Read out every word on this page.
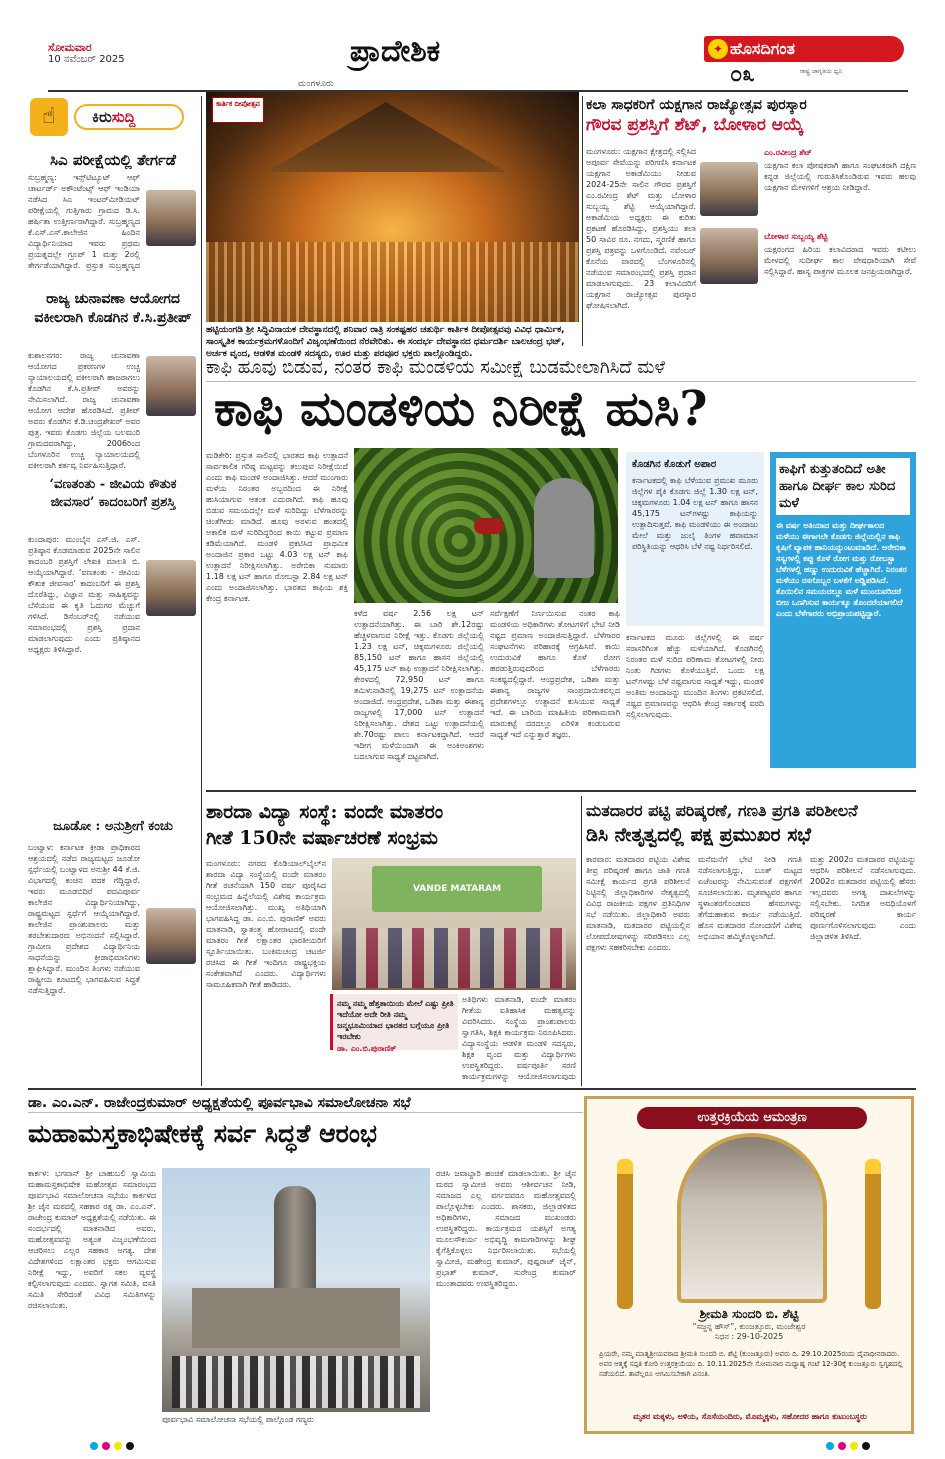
ಸೋಮವಾರ
10 ನವೆಂಬರ್ 2025	ಪ್ರಾದೇಶಿಕ
ಮಂಗಳೂರು
✦ ಹೊಸದಿಗಂತ
೦೩	ರಾಷ್ಟ್ರ ಜಾಗೃತಿಯ ಧ್ವನಿ
☝	ಕಿರುಸುದ್ದಿ
ಸಿಎ ಪರೀಕ್ಷೆಯಲ್ಲಿ ತೇರ್ಗಡೆ
ಸುಬ್ರಹ್ಮಣ್ಯ: ಇನ್ಸ್‌ಟಿಟ್ಯೂಟ್ ಆಫ್ ಚಾರ್ಟರ್ಡ್ ಅಕೌಂಟೆಂಟ್ಸ್ ಆಫ್ ಇಂಡಿಯಾ ನಡೆಸಿದ ಸಿಎ ಇಂಟರ್‌ಮೀಡಿಯಟ್ ಪರೀಕ್ಷೆಯಲ್ಲಿ ಗುತ್ತಿಗಾರು ಗ್ರಾಮದ ಡಿ.ಸಿ. ಹರ್ಷಿತಾ ಉತ್ತೀರ್ಣರಾಗಿದ್ದಾರೆ. ಸುಬ್ರಹ್ಮಣ್ಯದ ಕೆ.ಎಸ್.ಎಸ್.ಕಾಲೇಜಿನ ಹಿಂದಿನ ವಿದ್ಯಾರ್ಥಿನಿಯಾದ ಇವರು ಪ್ರಥಮ ಪ್ರಯತ್ನದಲ್ಲೇ ಗ್ರೂಪ್ 1 ಮತ್ತು 2ರಲ್ಲಿ ತೇರ್ಗಡೆಯಾಗಿದ್ದಾರೆ. ಪ್ರಸ್ತುತ ಸುಬ್ರಹ್ಮಣ್ಯದ
ರಾಜ್ಯ ಚುನಾವಣಾ ಆಯೋಗದ ವಕೀಲರಾಗಿ ಕೊಡಗಿನ ಕೆ.ಸಿ.ಪ್ರತೀಪ್
ಕುಶಾಲನಗರ: ರಾಜ್ಯ ಚುನಾವಣಾ ಆಯೋಗದ ಪ್ರಕರಣಗಳ ಉಚ್ಚ ನ್ಯಾಯಾಲಯದಲ್ಲಿ ವಕೀಲರಾಗಿ ಹಾಜರಾಗಲು ಕೊಡಗಿನ ಕೆ.ಸಿ.ಪ್ರತೀಪ್ ಅವರನ್ನು ನೇಮಿಸಲಾಗಿದೆ. ರಾಜ್ಯ ಚುನಾವಣಾ ಆಯೋಗ ಆದೇಶ ಹೊರಡಿಸಿದೆ. ಪ್ರತೀಪ್ ಅವರು ಕೊಡಗಿನ ಕೆ.ಡಿ.ಚಂದ್ರಶೇಖರ್ ಅವರ ಪುತ್ರ. ಇವರು ಕೊಡಗು ಜಿಲ್ಲೆಯ ಬಲಮುರಿ ಗ್ರಾಮದವರಾಗಿದ್ದು, 2006ರಿಂದ ಬೆಂಗಳೂರಿನ ಉಚ್ಚ ನ್ಯಾಯಾಲಯದಲ್ಲಿ ವಕೀಲರಾಗಿ ಕರ್ತವ್ಯ ನಿರ್ವಹಿಸುತ್ತಿದ್ದಾರೆ.
‘ವಣತಂತು - ಜೀವಿಯ ಕೌತುಕ ಜೀವಸಾರ’ ಕಾದಂಬರಿಗೆ ಪ್ರಶಸ್ತಿ
ಕುಂದಾಪುರ: ಮುಂಬೈನ ಎಸ್.ಜಿ. ಎಸ್. ಪ್ರತಿಷ್ಠಾನ ಕೊಡಮಾಡುವ 2025ನೇ ಸಾಲಿನ ಕಾದಂಬರಿ ಪ್ರಶಸ್ತಿಗೆ ಲೇಖಕಿ ಮಾಲತಿ ಬಿ. ಆಯ್ಕೆಯಾಗಿದ್ದಾರೆ. ‘ವಣತಂತು - ಜೀವಿಯ ಕೌತುಕ ಜೀವಸಾರ’ ಕಾದಂಬರಿಗೆ ಈ ಪ್ರಶಸ್ತಿ ದೊರೆತಿದ್ದು, ವಿಜ್ಞಾನ ಮತ್ತು ಸಾಹಿತ್ಯವನ್ನು ಬೆಸೆಯುವ ಈ ಕೃತಿ ಓದುಗರ ಮೆಚ್ಚುಗೆ ಗಳಿಸಿದೆ. ಡಿಸೆಂಬರ್‌ನಲ್ಲಿ ನಡೆಯುವ ಸಮಾರಂಭದಲ್ಲಿ ಪ್ರಶಸ್ತಿ ಪ್ರದಾನ ಮಾಡಲಾಗುವುದು ಎಂದು ಪ್ರತಿಷ್ಠಾನದ ಅಧ್ಯಕ್ಷರು ತಿಳಿಸಿದ್ದಾರೆ.
ಜೂಡೋ : ಅನುಶ್ರೀಗೆ ಕಂಚು
ಬಂಟ್ವಾಳ: ಕರ್ನಾಟಕ ಕ್ರೀಡಾ ಪ್ರಾಧಿಕಾರದ ಆಶ್ರಯದಲ್ಲಿ ನಡೆದ ರಾಜ್ಯಮಟ್ಟದ ಜೂಡೋ ಸ್ಪರ್ಧೆಯಲ್ಲಿ ಬಂಟ್ವಾಳದ ಅನುಶ್ರೀ 44 ಕೆ.ಜಿ. ವಿಭಾಗದಲ್ಲಿ ಕಂಚಿನ ಪದಕ ಗೆದ್ದಿದ್ದಾರೆ. ಇವರು ಮೂಡಬಿದಿರೆ ಪದವಿಪೂರ್ವ ಕಾಲೇಜಿನ ವಿದ್ಯಾರ್ಥಿನಿಯಾಗಿದ್ದು, ರಾಷ್ಟ್ರಮಟ್ಟದ ಸ್ಪರ್ಧೆಗೆ ಆಯ್ಕೆಯಾಗಿದ್ದಾರೆ. ಕಾಲೇಜಿನ ಪ್ರಾಂಶುಪಾಲರು ಮತ್ತು ತರಬೇತುದಾರರು ಅಭಿನಂದನೆ ಸಲ್ಲಿಸಿದ್ದಾರೆ. ಗ್ರಾಮೀಣ ಪ್ರದೇಶದ ವಿದ್ಯಾರ್ಥಿನಿಯ ಸಾಧನೆಯನ್ನು ಕ್ರೀಡಾಭಿಮಾನಿಗಳು ಶ್ಲಾಘಿಸಿದ್ದಾರೆ. ಮುಂದಿನ ತಿಂಗಳು ನಡೆಯುವ ರಾಷ್ಟ್ರೀಯ ಕೂಟದಲ್ಲಿ ಭಾಗವಹಿಸುವ ಸಿದ್ಧತೆ ನಡೆಸುತ್ತಿದ್ದಾರೆ.
ಕಾರ್ತಿಕ ದೀಪೋತ್ಸವ
ಹಟ್ಟಿಯಂಗಡಿ ಶ್ರೀ ಸಿದ್ಧಿವಿನಾಯಕ ದೇವಸ್ಥಾನದಲ್ಲಿ ಶನಿವಾರ ರಾತ್ರಿ ಸಂಕಷ್ಟಹರ ಚತುರ್ಥಿ ಕಾರ್ತಿಕ ದೀಪೋತ್ಸವವು ವಿವಿಧ ಧಾರ್ಮಿಕ, ಸಾಂಸ್ಕೃತಿಕ ಕಾರ್ಯಕ್ರಮಗಳೊಂದಿಗೆ ವಿಜೃಂಭಣೆಯಿಂದ ನೆರವೇರಿತು. ಈ ಸಂದರ್ಭ ದೇವಸ್ಥಾನದ ಧರ್ಮದರ್ಶಿ ಬಾಲಚಂದ್ರ ಭಟ್, ಅರ್ಚಕ ವೃಂದ, ಆಡಳಿತ ಮಂಡಳಿ ಸದಸ್ಯರು, ಊರ ಮತ್ತು ಪರವೂರ ಭಕ್ತರು ಪಾಲ್ಗೊಂಡಿದ್ದರು.
ಕಲಾ ಸಾಧಕರಿಗೆ ಯಕ್ಷಗಾನ ರಾಜ್ಯೋತ್ಸವ ಪುರಸ್ಕಾರ
ಗೌರವ ಪ್ರಶಸ್ತಿಗೆ ಶೆಟ್, ಬೋಳಾರ ಆಯ್ಕೆ
ಮಂಗಳೂರು: ಯಕ್ಷಗಾನ ಕ್ಷೇತ್ರದಲ್ಲಿ ಸಲ್ಲಿಸಿದ ಅಪೂರ್ವ ಸೇವೆಯನ್ನು ಪರಿಗಣಿಸಿ ಕರ್ನಾಟಕ ಯಕ್ಷಗಾನ ಅಕಾಡೆಮಿಯು ನೀಡುವ 2024-25ನೇ ಸಾಲಿನ ಗೌರವ ಪ್ರಶಸ್ತಿಗೆ ಎಂ.ರವೀಂದ್ರ ಶೆಟ್ ಮತ್ತು ಬೋಳಾರ ಸುಬ್ಬಯ್ಯ ಶೆಟ್ಟಿ ಆಯ್ಕೆಯಾಗಿದ್ದಾರೆ. ಅಕಾಡೆಮಿಯ ಅಧ್ಯಕ್ಷರು ಈ ಕುರಿತು ಪ್ರಕಟಣೆ ಹೊರಡಿಸಿದ್ದು, ಪ್ರಶಸ್ತಿಯು ತಲಾ 50 ಸಾವಿರ ರೂ. ನಗದು, ಸ್ಮರಣಿಕೆ ಹಾಗೂ ಪ್ರಶಸ್ತಿ ಪತ್ರವನ್ನು ಒಳಗೊಂಡಿದೆ. ನವೆಂಬರ್ ಕೊನೆಯ ವಾರದಲ್ಲಿ ಬೆಂಗಳೂರಿನಲ್ಲಿ ನಡೆಯುವ ಸಮಾರಂಭದಲ್ಲಿ ಪ್ರಶಸ್ತಿ ಪ್ರದಾನ ಮಾಡಲಾಗುವುದು. 23 ಕಲಾವಿದರಿಗೆ ಯಕ್ಷಗಾನ ರಾಜ್ಯೋತ್ಸವ ಪುರಸ್ಕಾರ ಘೋಷಿಸಲಾಗಿದೆ.
ಎಂ.ರವೀಂದ್ರ ಶೆಟ್
ಯಕ್ಷಗಾನ ಕಲಾ ಪೋಷಕರಾಗಿ ಹಾಗೂ ಸಂಘಟಕರಾಗಿ ದಕ್ಷಿಣ ಕನ್ನಡ ಜಿಲ್ಲೆಯಲ್ಲಿ ಗುರುತಿಸಿಕೊಂಡಿರುವ ಇವರು ಹಲವು ಯಕ್ಷಗಾನ ಮೇಳಗಳಿಗೆ ಆಶ್ರಯ ನೀಡಿದ್ದಾರೆ.
ಬೋಳಾರ ಸುಬ್ಬಯ್ಯ ಶೆಟ್ಟಿ
ಯಕ್ಷರಂಗದ ಹಿರಿಯ ಕಲಾವಿದರಾದ ಇವರು ಕಟೀಲು ಮೇಳದಲ್ಲಿ ಸುದೀರ್ಘ ಕಾಲ ವೇಷಧಾರಿಯಾಗಿ ಸೇವೆ ಸಲ್ಲಿಸಿದ್ದಾರೆ. ಹಾಸ್ಯ ಪಾತ್ರಗಳ ಮೂಲಕ ಜನಪ್ರಿಯರಾಗಿದ್ದಾರೆ.
ಕಾಫಿ ಹೂವು ಬಿಡುವ, ನಂತರ ಕಾಫಿ ಮಂಡಳಿಯ ಸಮೀಕ್ಷೆ ಬುಡಮೇಲಾಗಿಸಿದೆ ಮಳೆ
ಕಾಫಿ ಮಂಡಳಿಯ ನಿರೀಕ್ಷೆ ಹುಸಿ?
ಮಡಿಕೇರಿ: ಪ್ರಸ್ತುತ ಸಾಲಿನಲ್ಲಿ ಭಾರತದ ಕಾಫಿ ಉತ್ಪಾದನೆ ಸಾರ್ವಕಾಲಿಕ ಗರಿಷ್ಠ ಮಟ್ಟವನ್ನು ತಲುಪುವ ನಿರೀಕ್ಷೆಯಿದೆ ಎಂದು ಕಾಫಿ ಮಂಡಳಿ ಅಂದಾಜಿಸಿತ್ತು. ಆದರೆ ಮುಂಗಾರು ಮಳೆಯ ನಿರಂತರ ಅಬ್ಬರದಿಂದ ಈ ನಿರೀಕ್ಷೆ ಹುಸಿಯಾಗುವ ಆತಂಕ ಎದುರಾಗಿದೆ. ಕಾಫಿ ಹೂವು ಬಿಡುವ ಸಮಯದಲ್ಲೇ ಮಳೆ ಸುರಿದಿದ್ದು ಬೆಳೆಗಾರರನ್ನು ಚಿಂತೆಗೀಡು ಮಾಡಿದೆ. ಹೂವು ಅರಳುವ ಹಂತದಲ್ಲಿ ಅಕಾಲಿಕ ಮಳೆ ಸುರಿದಿದ್ದರಿಂದ ಕಾಯಿ ಕಟ್ಟುವ ಪ್ರಮಾಣ ಕಡಿಮೆಯಾಗಿದೆ. ಮಂಡಳಿ ಪ್ರಕಟಿಸಿದ ಪ್ರಾಥಮಿಕ ಅಂದಾಜಿನ ಪ್ರಕಾರ ಒಟ್ಟು 4.03 ಲಕ್ಷ ಟನ್ ಕಾಫಿ ಉತ್ಪಾದನೆ ನಿರೀಕ್ಷಿಸಲಾಗಿತ್ತು. ಅರೇಬಿಕಾ ಸುಮಾರು 1.18 ಲಕ್ಷ ಟನ್ ಹಾಗೂ ರೋಬಸ್ಟಾ 2.84 ಲಕ್ಷ ಟನ್ ಎಂದು ಅಂದಾಜಿಸಲಾಗಿತ್ತು. ಭಾರತದ ಕಾಫಿಯ ಶಕ್ತಿ ಕೇಂದ್ರ ಕರ್ನಾಟಕ.
ಕಳೆದ ವರ್ಷ 2.56 ಲಕ್ಷ ಟನ್ ಉತ್ಪಾದನೆಯಾಗಿತ್ತು. ಈ ಬಾರಿ ಶೇ.12ರಷ್ಟು ಹೆಚ್ಚಳವಾಗುವ ನಿರೀಕ್ಷೆ ಇತ್ತು. ಕೊಡಗು ಜಿಲ್ಲೆಯಲ್ಲಿ 1.23 ಲಕ್ಷ ಟನ್, ಚಿಕ್ಕಮಗಳೂರು ಜಿಲ್ಲೆಯಲ್ಲಿ 85,150 ಟನ್ ಹಾಗೂ ಹಾಸನ ಜಿಲ್ಲೆಯಲ್ಲಿ 45,175 ಟನ್ ಕಾಫಿ ಉತ್ಪಾದನೆ ನಿರೀಕ್ಷಿಸಲಾಗಿತ್ತು. ಕೇರಳದಲ್ಲಿ 72,950 ಟನ್ ಹಾಗೂ ತಮಿಳುನಾಡಿನಲ್ಲಿ 19,275 ಟನ್ ಉತ್ಪಾದನೆಯ ಅಂದಾಜಿದೆ. ಆಂಧ್ರಪ್ರದೇಶ, ಒಡಿಶಾ ಮತ್ತು ಈಶಾನ್ಯ ರಾಜ್ಯಗಳಲ್ಲಿ 17,000 ಟನ್ ಉತ್ಪಾದನೆ ನಿರೀಕ್ಷಿಸಲಾಗಿತ್ತು. ದೇಶದ ಒಟ್ಟು ಉತ್ಪಾದನೆಯಲ್ಲಿ ಶೇ.70ರಷ್ಟು ಪಾಲು ಕರ್ನಾಟಕದ್ದಾಗಿದೆ. ಆದರೆ ಇದೀಗ ಮಳೆಯಿಂದಾಗಿ ಈ ಅಂಕಿಅಂಶಗಳು ಬದಲಾಗುವ ಸಾಧ್ಯತೆ ದಟ್ಟವಾಗಿದೆ.
ಸರ್ವೆಕ್ಷಣೆಗೆ ನಿರ್ಣಯಿಸುವ ನಂತರ ಕಾಫಿ ಮಂಡಳಿಯ ಅಧಿಕಾರಿಗಳು ತೋಟಗಳಿಗೆ ಭೇಟಿ ನೀಡಿ ನಷ್ಟದ ಪ್ರಮಾಣ ಅಂದಾಜಿಸುತ್ತಿದ್ದಾರೆ. ಬೆಳೆಗಾರರ ಸಂಘಟನೆಗಳು ಪರಿಹಾರಕ್ಕೆ ಆಗ್ರಹಿಸಿವೆ. ಕಾಯಿ ಉದುರುವಿಕೆ ಹಾಗೂ ಕೊಳೆ ರೋಗ ಹರಡುತ್ತಿರುವುದರಿಂದ ಬೆಳೆಗಾರರು ಸಂಕಷ್ಟದಲ್ಲಿದ್ದಾರೆ. ಆಂಧ್ರಪ್ರದೇಶ, ಒಡಿಶಾ ಮತ್ತು ಈಶಾನ್ಯ ರಾಜ್ಯಗಳ ಸಾಂಪ್ರದಾಯಿಕವಲ್ಲದ ಪ್ರದೇಶಗಳಲ್ಲೂ ಉತ್ಪಾದನೆ ಕುಸಿಯುವ ಸಾಧ್ಯತೆ ಇದೆ. ಈ ಬಾರಿಯ ಮಾಹಿತಿಯ ಪರಿಣಾಮವಾಗಿ ಮಾರುಕಟ್ಟೆ ದರದಲ್ಲೂ ಏರಿಳಿತ ಕಂಡುಬರುವ ಸಾಧ್ಯತೆ ಇದೆ ಎನ್ನುತ್ತಾರೆ ತಜ್ಞರು.
ಕೊಡಗಿನ ಕೊಡುಗೆ ಅಪಾರ
ಕರ್ನಾಟಕದಲ್ಲಿ ಕಾಫಿ ಬೆಳೆಯುವ ಪ್ರಮುಖ ಮೂರು ಜಿಲ್ಲೆಗಳ ಪೈಕಿ ಕೊಡಗು ಜಿಲ್ಲೆ 1.30 ಲಕ್ಷ ಟನ್, ಚಿಕ್ಕಮಗಳೂರು 1.04 ಲಕ್ಷ ಟನ್ ಹಾಗೂ ಹಾಸನ 45,175 ಟನ್‌ಗಳಷ್ಟು ಕಾಫಿಯನ್ನು ಉತ್ಪಾದಿಸುತ್ತವೆ. ಕಾಫಿ ಮಂಡಳಿಯು ಈ ಅಂದಾಜು ಮೇಲೆ ಮತ್ತು ಜುಲೈ ತಿಂಗಳ ಹವಾಮಾನ ಪರಿಸ್ಥಿತಿಯನ್ನು ಆಧರಿಸಿ ಬೆಳೆ ನಷ್ಟ ನಿರ್ಧರಿಸಲಿದೆ.
ಕರ್ನಾಟಕದ ಮೂರು ಜಿಲ್ಲೆಗಳಲ್ಲಿ ಈ ವರ್ಷ ಸರಾಸರಿಗಿಂತ ಹೆಚ್ಚು ಮಳೆಯಾಗಿದೆ. ಕೊಡಗಿನಲ್ಲಿ ನಿರಂತರ ಮಳೆ ಸುರಿದ ಪರಿಣಾಮ ತೋಟಗಳಲ್ಲಿ ನೀರು ನಿಂತು ಗಿಡಗಳು ಕೊಳೆಯುತ್ತಿವೆ. ಒಂದು ಲಕ್ಷ ಟನ್‌ಗಳಷ್ಟು ಬೆಳೆ ನಷ್ಟವಾಗುವ ಸಾಧ್ಯತೆ ಇದ್ದು, ಮಂಡಳಿ ಅಂತಿಮ ಅಂದಾಜನ್ನು ಮುಂದಿನ ತಿಂಗಳು ಪ್ರಕಟಿಸಲಿದೆ. ನಷ್ಟದ ಪ್ರಮಾಣವನ್ನು ಆಧರಿಸಿ ಕೇಂದ್ರ ಸರ್ಕಾರಕ್ಕೆ ವರದಿ ಸಲ್ಲಿಸಲಾಗುವುದು.
ಕಾಫಿಗೆ ಕುತ್ತುತಂದಿದೆ ಅತೀ ಹಾಗೂ ದೀರ್ಘ ಕಾಲ ಸುರಿದ ಮಳೆ
ಈ ವರ್ಷ ಅತಿಯಾದ ಮತ್ತು ದೀರ್ಘಕಾಲದ ಮಳೆಯು ಈಗಾಗಲೇ ಕೊಡಗು ಜಿಲ್ಲೆಯಲ್ಲಿನ ಕಾಫಿ ಕೃಷಿಗೆ ವ್ಯಾಪಕ ಹಾನಿಯನ್ನುಂಟುಮಾಡಿದೆ. ಅರೇಬಿಕಾ ಸಸ್ಯಗಳಲ್ಲಿ ಕಪ್ಪು ಕೊಳೆ ರೋಗ ಮತ್ತು ರೋಬಸ್ಟಾ ಬೆಳೆಗಳಲ್ಲಿ ಹಣ್ಣು ಉದುರುವಿಕೆ ಹೆಚ್ಚಾಗಿದೆ. ನಿರಂತರ ಮಳೆಯು ರಸಗೊಬ್ಬರ ಬಳಕೆಗೆ ಅಡ್ಡಿಪಡಿಸಿದೆ. ಕೊಯಿಲಿನ ಸಮಯದಲ್ಲೂ ಮಳೆ ಮುಂದುವರಿದರೆ ಬೀಜ ಒಣಗಿಸುವ ಕಾರ್ಯಕ್ಕೂ ತೊಂದರೆಯಾಗಲಿದೆ ಎಂದು ಬೆಳೆಗಾರರು ಅಭಿಪ್ರಾಯಪಟ್ಟಿದ್ದಾರೆ.
ಶಾರದಾ ವಿದ್ಯಾ ಸಂಸ್ಥೆ: ವಂದೇ ಮಾತರಂ
ಗೀತೆ 150ನೇ ವರ್ಷಾಚರಣೆ ಸಂಭ್ರಮ
ಮಂಗಳೂರು: ನಗರದ ಕೊಡಿಯಾಲ್‌ಬೈಲ್‌ನ ಶಾರದಾ ವಿದ್ಯಾ ಸಂಸ್ಥೆಯಲ್ಲಿ ವಂದೇ ಮಾತರಂ ಗೀತೆ ರಚನೆಯಾಗಿ 150 ವರ್ಷ ಪೂರೈಸಿದ ಸಂಭ್ರಮದ ಹಿನ್ನೆಲೆಯಲ್ಲಿ ವಿಶೇಷ ಕಾರ್ಯಕ್ರಮ ಆಯೋಜಿಸಲಾಗಿತ್ತು. ಮುಖ್ಯ ಅತಿಥಿಯಾಗಿ ಭಾಗವಹಿಸಿದ್ದ ಡಾ. ಎಂ.ಬಿ. ಪುರಾಣಿಕ್ ಅವರು ಮಾತನಾಡಿ, ಸ್ವಾತಂತ್ರ್ಯ ಹೋರಾಟದಲ್ಲಿ ವಂದೇ ಮಾತರಂ ಗೀತೆ ಲಕ್ಷಾಂತರ ಭಾರತೀಯರಿಗೆ ಸ್ಫೂರ್ತಿಯಾಯಿತು. ಬಂಕಿಮಚಂದ್ರ ಚಟರ್ಜಿ ರಚಿಸಿದ ಈ ಗೀತೆ ಇಂದಿಗೂ ರಾಷ್ಟ್ರಭಕ್ತಿಯ ಸಂಕೇತವಾಗಿದೆ ಎಂದರು. ವಿದ್ಯಾರ್ಥಿಗಳು ಸಾಮೂಹಿಕವಾಗಿ ಗೀತೆ ಹಾಡಿದರು.
VANDE MATARAM
ನಮ್ಮ ನಮ್ಮ ಹೆತ್ತತಾಯಿಯ ಮೇಲೆ ಎಷ್ಟು ಪ್ರೀತಿ ಇದೆಯೋ ಅದೇ ರೀತಿ ನಮ್ಮ ಜನ್ಮಭೂಮಿಯಾದ ಭಾರತದ ಬಗ್ಗೆಯೂ ಪ್ರೀತಿ ಇರಬೇಕು
ಡಾ. ಎಂ.ಬಿ.ಪುರಾಣಿಕ್
ಅತಿಥಿಗಳು ಮಾತನಾಡಿ, ವಂದೇ ಮಾತರಂ ಗೀತೆಯ ಐತಿಹಾಸಿಕ ಮಹತ್ವವನ್ನು ವಿವರಿಸಿದರು. ಸಂಸ್ಥೆಯ ಪ್ರಾಂಶುಪಾಲರು ಸ್ವಾಗತಿಸಿ, ಶಿಕ್ಷಕಿ ಕಾರ್ಯಕ್ರಮ ನಿರೂಪಿಸಿದರು. ವಿದ್ಯಾಸಂಸ್ಥೆಯ ಆಡಳಿತ ಮಂಡಳಿ ಸದಸ್ಯರು, ಶಿಕ್ಷಕ ವೃಂದ ಮತ್ತು ವಿದ್ಯಾರ್ಥಿಗಳು ಉಪಸ್ಥಿತರಿದ್ದರು. ವರ್ಷಪೂರ್ತಿ ಸರಣಿ ಕಾರ್ಯಕ್ರಮಗಳನ್ನು ಆಯೋಜಿಸಲಾಗುವುದು
ಮತದಾರರ ಪಟ್ಟಿ ಪರಿಷ್ಕರಣೆ, ಗಣತಿ ಪ್ರಗತಿ ಪರಿಶೀಲನೆ
ಡಿಸಿ ನೇತೃತ್ವದಲ್ಲಿ ಪಕ್ಷ ಪ್ರಮುಖರ ಸಭೆ
ಕಾರವಾರ: ಮತದಾರರ ಪಟ್ಟಿಯ ವಿಶೇಷ ತೀವ್ರ ಪರಿಷ್ಕರಣೆ ಹಾಗೂ ಜಾತಿ ಗಣತಿ ಸಮೀಕ್ಷೆ ಕಾರ್ಯದ ಪ್ರಗತಿ ಪರಿಶೀಲನೆ ನಿಟ್ಟಿನಲ್ಲಿ ಜಿಲ್ಲಾಧಿಕಾರಿಗಳ ನೇತೃತ್ವದಲ್ಲಿ ವಿವಿಧ ರಾಜಕೀಯ ಪಕ್ಷಗಳ ಪ್ರತಿನಿಧಿಗಳ ಸಭೆ ನಡೆಯಿತು. ಜಿಲ್ಲಾಧಿಕಾರಿ ಅವರು ಮಾತನಾಡಿ, ಮತದಾರರ ಪಟ್ಟಿಯಲ್ಲಿನ ಲೋಪದೋಷಗಳನ್ನು ಸರಿಪಡಿಸಲು ಎಲ್ಲ ಪಕ್ಷಗಳು ಸಹಕರಿಸಬೇಕು ಎಂದರು.
ಮನೆಮನೆಗೆ ಭೇಟಿ ನೀಡಿ ಗಣತಿ ನಡೆಸಲಾಗುತ್ತಿದ್ದು, ಬೂತ್ ಮಟ್ಟದ ಏಜೆಂಟರನ್ನು ನೇಮಿಸುವಂತೆ ಪಕ್ಷಗಳಿಗೆ ಸೂಚಿಸಲಾಯಿತು. ಮೃತಪಟ್ಟವರ ಹಾಗೂ ಸ್ಥಳಾಂತರಗೊಂಡವರ ಹೆಸರುಗಳನ್ನು ತೆಗೆದುಹಾಕುವ ಕಾರ್ಯ ನಡೆಯುತ್ತಿದೆ. ಹೊಸ ಮತದಾರರ ನೋಂದಣಿಗೆ ವಿಶೇಷ ಅಭಿಯಾನ ಹಮ್ಮಿಕೊಳ್ಳಲಾಗಿದೆ.
ಮತ್ತು 2002ರ ಮತದಾರರ ಪಟ್ಟಿಯನ್ನು ಆಧರಿಸಿ ಪರಿಶೀಲನೆ ನಡೆಸಲಾಗುವುದು. 2002ರ ಮತದಾರರ ಪಟ್ಟಿಯಲ್ಲಿ ಹೆಸರು ಇಲ್ಲದವರು ಅಗತ್ಯ ದಾಖಲೆಗಳನ್ನು ಸಲ್ಲಿಸಬೇಕು. ನಿಗದಿತ ಅವಧಿಯೊಳಗೆ ಪರಿಷ್ಕರಣೆ ಕಾರ್ಯ ಪೂರ್ಣಗೊಳಿಸಲಾಗುವುದು ಎಂದು ಜಿಲ್ಲಾಡಳಿತ ತಿಳಿಸಿದೆ.
ಡಾ. ಎಂ.ಎನ್. ರಾಜೇಂದ್ರಕುಮಾರ್ ಅಧ್ಯಕ್ಷತೆಯಲ್ಲಿ ಪೂರ್ವಭಾವಿ ಸಮಾಲೋಚನಾ ಸಭೆ
ಮಹಾಮಸ್ತಕಾಭಿಷೇಕಕ್ಕೆ ಸರ್ವ ಸಿದ್ಧತೆ ಆರಂಭ
ಕಾರ್ಕಳ: ಭಗವಾನ್ ಶ್ರೀ ಬಾಹುಬಲಿ ಸ್ವಾಮಿಯ ಮಹಾಮಸ್ತಕಾಭಿಷೇಕ ಮಹೋತ್ಸವ ಸಮಾರಂಭದ ಪೂರ್ವಭಾವಿ ಸಮಾಲೋಚನಾ ಸಭೆಯು ಕಾರ್ಕಳದ ಶ್ರೀ ಜೈನ ಮಠದಲ್ಲಿ ಸಹಕಾರ ರತ್ನ ಡಾ. ಎಂ.ಎನ್. ರಾಜೇಂದ್ರ ಕುಮಾರ್ ಅಧ್ಯಕ್ಷತೆಯಲ್ಲಿ ನಡೆಯಿತು. ಈ ಸಂದರ್ಭದಲ್ಲಿ ಮಾತನಾಡಿದ ಅವರು, ಮಹೋತ್ಸವವನ್ನು ಅತ್ಯಂತ ವಿಜೃಂಭಣೆಯಿಂದ ಆಚರಿಸಲು ಎಲ್ಲರ ಸಹಕಾರ ಅಗತ್ಯ. ದೇಶ ವಿದೇಶಗಳಿಂದ ಲಕ್ಷಾಂತರ ಭಕ್ತರು ಆಗಮಿಸುವ ನಿರೀಕ್ಷೆ ಇದ್ದು, ಅವರಿಗೆ ಸಕಲ ವ್ಯವಸ್ಥೆ ಕಲ್ಪಿಸಲಾಗುವುದು ಎಂದರು. ಸ್ವಾಗತ ಸಮಿತಿ, ವಸತಿ ಸಮಿತಿ ಸೇರಿದಂತೆ ವಿವಿಧ ಸಮಿತಿಗಳನ್ನು ರಚಿಸಲಾಯಿತು.
ಪೂರ್ವಭಾವಿ ಸಮಾಲೋಚನಾ ಸಭೆಯಲ್ಲಿ ಪಾಲ್ಗೊಂಡ ಗಣ್ಯರು
ರಚಿಸಿ ಜವಾಬ್ದಾರಿ ಹಂಚಿಕೆ ಮಾಡಲಾಯಿತು. ಶ್ರೀ ಜೈನ ಮಠದ ಸ್ವಾಮೀಜಿ ಅವರು ಆಶೀರ್ವಚನ ನೀಡಿ, ಸಮಾಜದ ಎಲ್ಲ ವರ್ಗದವರೂ ಮಹೋತ್ಸವದಲ್ಲಿ ಪಾಲ್ಗೊಳ್ಳಬೇಕು ಎಂದರು. ಶಾಸಕರು, ಜಿಲ್ಲಾಡಳಿತದ ಅಧಿಕಾರಿಗಳು, ಸಮಾಜದ ಮುಖಂಡರು ಉಪಸ್ಥಿತರಿದ್ದರು. ಕಾರ್ಯಕ್ರಮದ ಯಶಸ್ಸಿಗೆ ಅಗತ್ಯ ಮೂಲಸೌಕರ್ಯ ಅಭಿವೃದ್ಧಿ ಕಾಮಗಾರಿಗಳನ್ನು ಶೀಘ್ರ ಕೈಗೆತ್ತಿಕೊಳ್ಳಲು ನಿರ್ಧರಿಸಲಾಯಿತು. ಸಭೆಯಲ್ಲಿ ಸ್ವಾಮೀಜಿ, ಮಹೇಂದ್ರ ಕುಮಾರ್, ಪುಷ್ಪರಾಜ್ ಜೈನ್, ಪ್ರಭಾತ್ ಕುಮಾರ್, ಸುರೇಂದ್ರ ಕುಮಾರ್ ಮುಂತಾದವರು ಉಪಸ್ಥಿತರಿದ್ದರು.
ಉತ್ತರಕ್ರಿಯೆಯ ಆಮಂತ್ರಣ
ಶ್ರೀಮತಿ ಸುಂದರಿ ಬಿ. ಶೆಟ್ಟಿ
“ಸಜ್ಜನ್ನ ಹೌಸ್”, ಕುಂಜತ್ತೂರು, ಮಂಜೇಶ್ವರ
ನಿಧನ : 29-10-2025
ಪ್ರಿಯರೇ, ನಮ್ಮ ಮಾತೃಶ್ರೀಯವರಾದ ಶ್ರೀಮತಿ ಸುಂದರಿ ಬಿ. ಶೆಟ್ಟಿ (ಕುಂಜತ್ತೂರು) ಅವರು ದಿ. 29.10.2025ರಂದು ದೈವಾಧೀನರಾದರು. ಅವರ ಆತ್ಮಕ್ಕೆ ಸದ್ಗತಿ ಕೋರಿ ಉತ್ತರಕ್ರಿಯೆಯು ದಿ. 10.11.2025ನೇ ಸೋಮವಾರ ಮಧ್ಯಾಹ್ನ ಗಂಟೆ 12-30ಕ್ಕೆ ಕುಂಜತ್ತೂರು ಸ್ವಗೃಹದಲ್ಲಿ ನಡೆಯಲಿದೆ. ತಾವೆಲ್ಲರೂ ಆಗಮಿಸಬೇಕಾಗಿ ವಿನಂತಿ.
ಮೃತರ ಮಕ್ಕಳು, ಅಳಿಯ, ಸೊಸೆಯಂದಿರು, ಮೊಮ್ಮಕ್ಕಳು, ಸಹೋದರ ಹಾಗೂ ಕುಟುಂಬಸ್ಥರು
